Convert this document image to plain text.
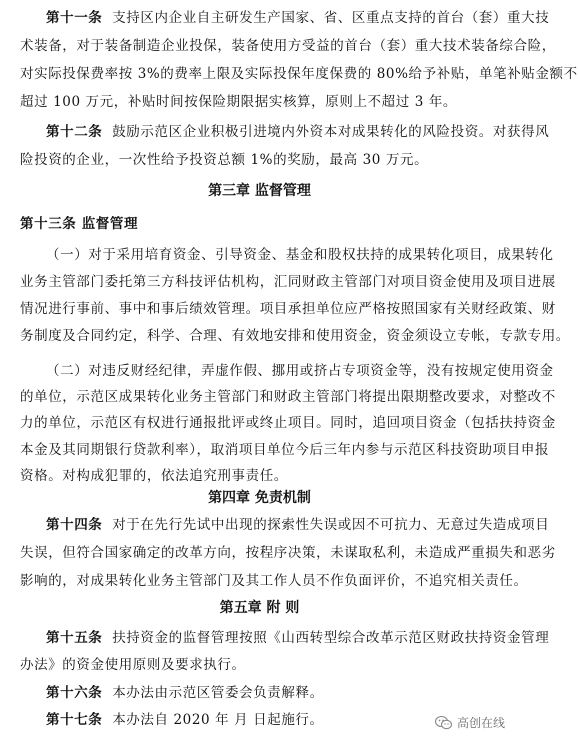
第十一条 支持区内企业自主研发生产国家、省、区重点支持的首台（套）重大技
术装备，对于装备制造企业投保，装备使用方受益的首台（套）重大技术装备综合险，
对实际投保费率按 3%的费率上限及实际投保年度保费的 80%给予补贴，单笔补贴金额不
超过 100 万元，补贴时间按保险期限据实核算，原则上不超过 3 年。
第十二条 鼓励示范区企业积极引进境内外资本对成果转化的风险投资。对获得风
险投资的企业，一次性给予投资总额 1%的奖励，最高 30 万元。
第三章 监督管理
第十三条 监督管理
（一）对于采用培育资金、引导资金、基金和股权扶持的成果转化项目，成果转化
业务主管部门委托第三方科技评估机构，汇同财政主管部门对项目资金使用及项目进展
情况进行事前、事中和事后绩效管理。项目承担单位应严格按照国家有关财经政策、财
务制度及合同约定，科学、合理、有效地安排和使用资金，资金须设立专帐，专款专用。
（二）对违反财经纪律，弄虚作假、挪用或挤占专项资金等，没有按规定使用资金
的单位，示范区成果转化业务主管部门和财政主管部门将提出限期整改要求，对整改不
力的单位，示范区有权进行通报批评或终止项目。同时，追回项目资金（包括扶持资金
本金及其同期银行贷款利率），取消项目单位今后三年内参与示范区科技资助项目申报
资格。对构成犯罪的，依法追究刑事责任。
第四章 免责机制
第十四条 对于在先行先试中出现的探索性失误或因不可抗力、无意过失造成项目
失误，但符合国家确定的改革方向，按程序决策，未谋取私利，未造成严重损失和恶劣
影响的，对成果转化业务主管部门及其工作人员不作负面评价，不追究相关责任。
第五章 附 则
第十五条 扶持资金的监督管理按照《山西转型综合改革示范区财政扶持资金管理
办法》的资金使用原则及要求执行。
第十六条 本办法由示范区管委会负责解释。
第十七条 本办法自 2020 年 月 日起施行。	高创在线
